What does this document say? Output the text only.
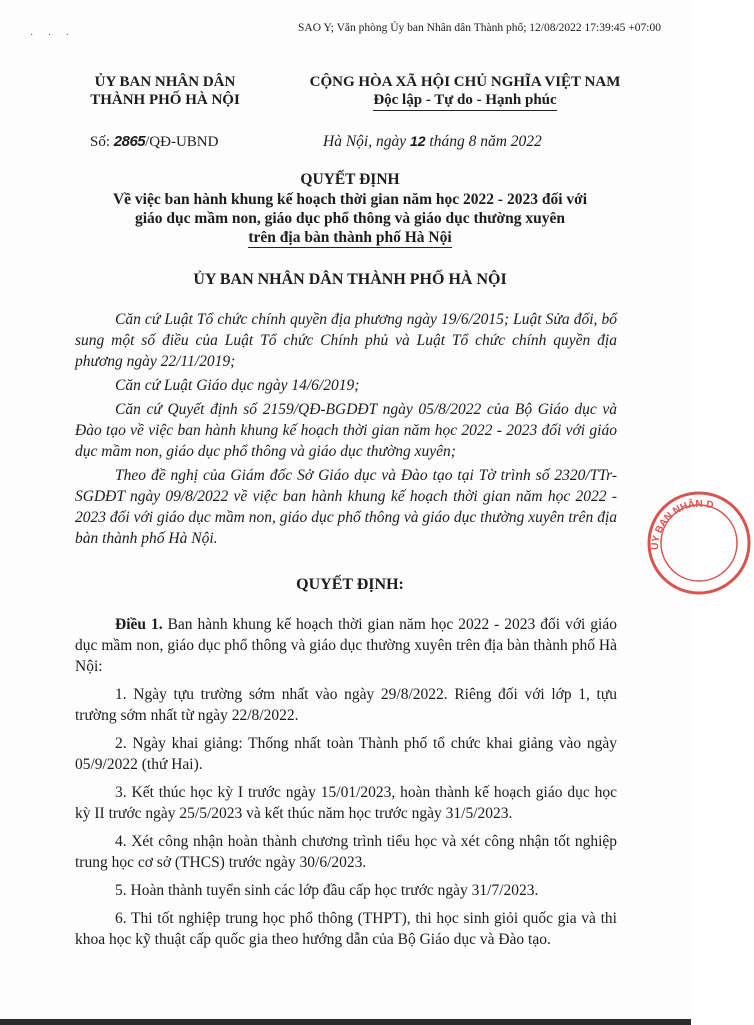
· · ·
SAO Y; Văn phòng Ủy ban Nhân dân Thành phố; 12/08/2022 17:39:45 +07:00
ỦY BAN NHÂN DÂN
THÀNH PHỐ HÀ NỘI
CỘNG HÒA XÃ HỘI CHỦ NGHĨA VIỆT NAM
Độc lập - Tự do - Hạnh phúc
Số: 2865/QĐ-UBND	Hà Nội, ngày 12 tháng 8 năm 2022
QUYẾT ĐỊNH
Về việc ban hành khung kế hoạch thời gian năm học 2022 - 2023 đối với
giáo dục mầm non, giáo dục phổ thông và giáo dục thường xuyên
trên địa bàn thành phố Hà Nội
ỦY BAN NHÂN DÂN THÀNH PHỐ HÀ NỘI

Căn cứ Luật Tổ chức chính quyền địa phương ngày 19/6/2015; Luật Sửa đổi, bổ sung một số điều của Luật Tổ chức Chính phủ và Luật Tổ chức chính quyền địa phương ngày 22/11/2019;

Căn cứ Luật Giáo dục ngày 14/6/2019;

Căn cứ Quyết định số 2159/QĐ-BGDĐT ngày 05/8/2022 của Bộ Giáo dục và Đào tạo về việc ban hành khung kế hoạch thời gian năm học 2022 - 2023 đối với giáo dục mầm non, giáo dục phổ thông và giáo dục thường xuyên;

Theo đề nghị của Giám đốc Sở Giáo dục và Đào tạo tại Tờ trình số 2320/TTr-SGDĐT ngày 09/8/2022 về việc ban hành khung kế hoạch thời gian năm học 2022 - 2023 đối với giáo dục mầm non, giáo dục phổ thông và giáo dục thường xuyên trên địa bàn thành phố Hà Nội.

QUYẾT ĐỊNH:

Điều 1. Ban hành khung kế hoạch thời gian năm học 2022 - 2023 đối với giáo dục mầm non, giáo dục phổ thông và giáo dục thường xuyên trên địa bàn thành phố Hà Nội:

1. Ngày tựu trường sớm nhất vào ngày 29/8/2022. Riêng đối với lớp 1, tựu trường sớm nhất từ ngày 22/8/2022.

2. Ngày khai giảng: Thống nhất toàn Thành phố tổ chức khai giảng vào ngày 05/9/2022 (thứ Hai).

3. Kết thúc học kỳ I trước ngày 15/01/2023, hoàn thành kế hoạch giáo dục học kỳ II trước ngày 25/5/2023 và kết thúc năm học trước ngày 31/5/2023.

4. Xét công nhận hoàn thành chương trình tiểu học và xét công nhận tốt nghiệp trung học cơ sở (THCS) trước ngày 30/6/2023.

5. Hoàn thành tuyển sinh các lớp đầu cấp học trước ngày 31/7/2023.

6. Thi tốt nghiệp trung học phổ thông (THPT), thi học sinh giỏi quốc gia và thi khoa học kỹ thuật cấp quốc gia theo hướng dẫn của Bộ Giáo dục và Đào tạo.

ỦY BAN NHÂN D
